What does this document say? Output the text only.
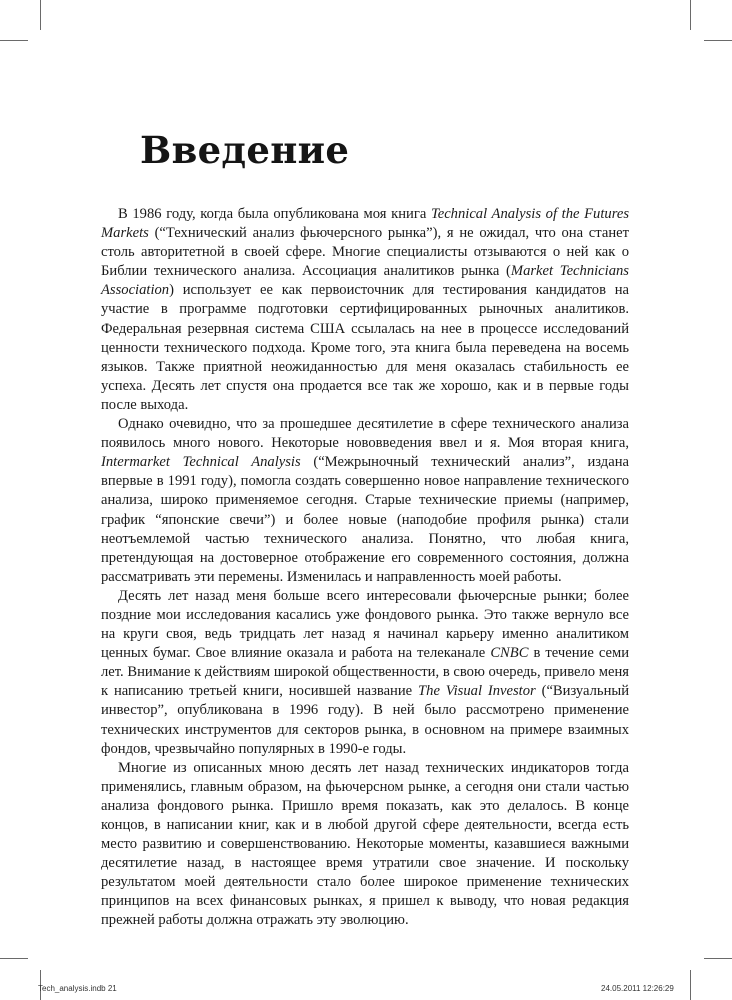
Введение

В 1986 году, когда была опубликована моя книга Technical Analysis of the Futures Markets (“Технический анализ фьючерсного рынка”), я не ожидал, что она станет столь авторитетной в своей сфере. Многие специалисты отзываются о ней как о Библии технического анализа. Ассоциация аналитиков рынка (Market Technicians Association) использует ее как первоисточник для тестирования кандидатов на участие в программе подготовки сертифицированных рыночных аналитиков. Федеральная резервная система США ссылалась на нее в процессе исследований ценности технического подхода. Кроме того, эта книга была переведена на восемь языков. Также приятной неожиданностью для меня оказалась стабильность ее успеха. Десять лет спустя она продается все так же хорошо, как и в первые годы после выхода.

Однако очевидно, что за прошедшее десятилетие в сфере технического анализа появилось много нового. Некоторые нововведения ввел и я. Моя вторая книга, Intermarket Technical Analysis (“Межрыночный технический анализ”, издана впервые в 1991 году), помогла создать совершенно новое направление технического анализа, широко применяемое сегодня. Старые технические приемы (например, график “японские свечи”) и более новые (наподобие профиля рынка) стали неотъемлемой частью технического анализа. Понятно, что любая книга, претендующая на достоверное отображение его современного состояния, должна рассматривать эти перемены. Изменилась и направленность моей работы.

Десять лет назад меня больше всего интересовали фьючерсные рынки; более поздние мои исследования касались уже фондового рынка. Это также вернуло все на круги своя, ведь тридцать лет назад я начинал карьеру именно аналитиком ценных бумаг. Свое влияние оказала и работа на телеканале CNBC в течение семи лет. Внимание к действиям широкой общественности, в свою очередь, привело меня к написанию третьей книги, носившей название The Visual Investor (“Визуальный инвестор”, опубликована в 1996 году). В ней было рассмотрено применение технических инструментов для секторов рынка, в основном на примере взаимных фондов, чрезвычайно популярных в 1990-е годы.

Многие из описанных мною десять лет назад технических индикаторов тогда применялись, главным образом, на фьючерсном рынке, а сегодня они стали частью анализа фондового рынка. Пришло время показать, как это делалось. В конце концов, в написании книг, как и в любой другой сфере деятельности, всегда есть место развитию и совершенствованию. Некоторые моменты, казавшиеся важными десятилетие назад, в настоящее время утратили свое значение. И поскольку результатом моей деятельности стало более широкое применение технических принципов на всех финансовых рынках, я пришел к выводу, что новая редакция прежней работы должна отражать эту эволюцию.

Tech_analysis.indb 21	24.05.2011 12:26:29
